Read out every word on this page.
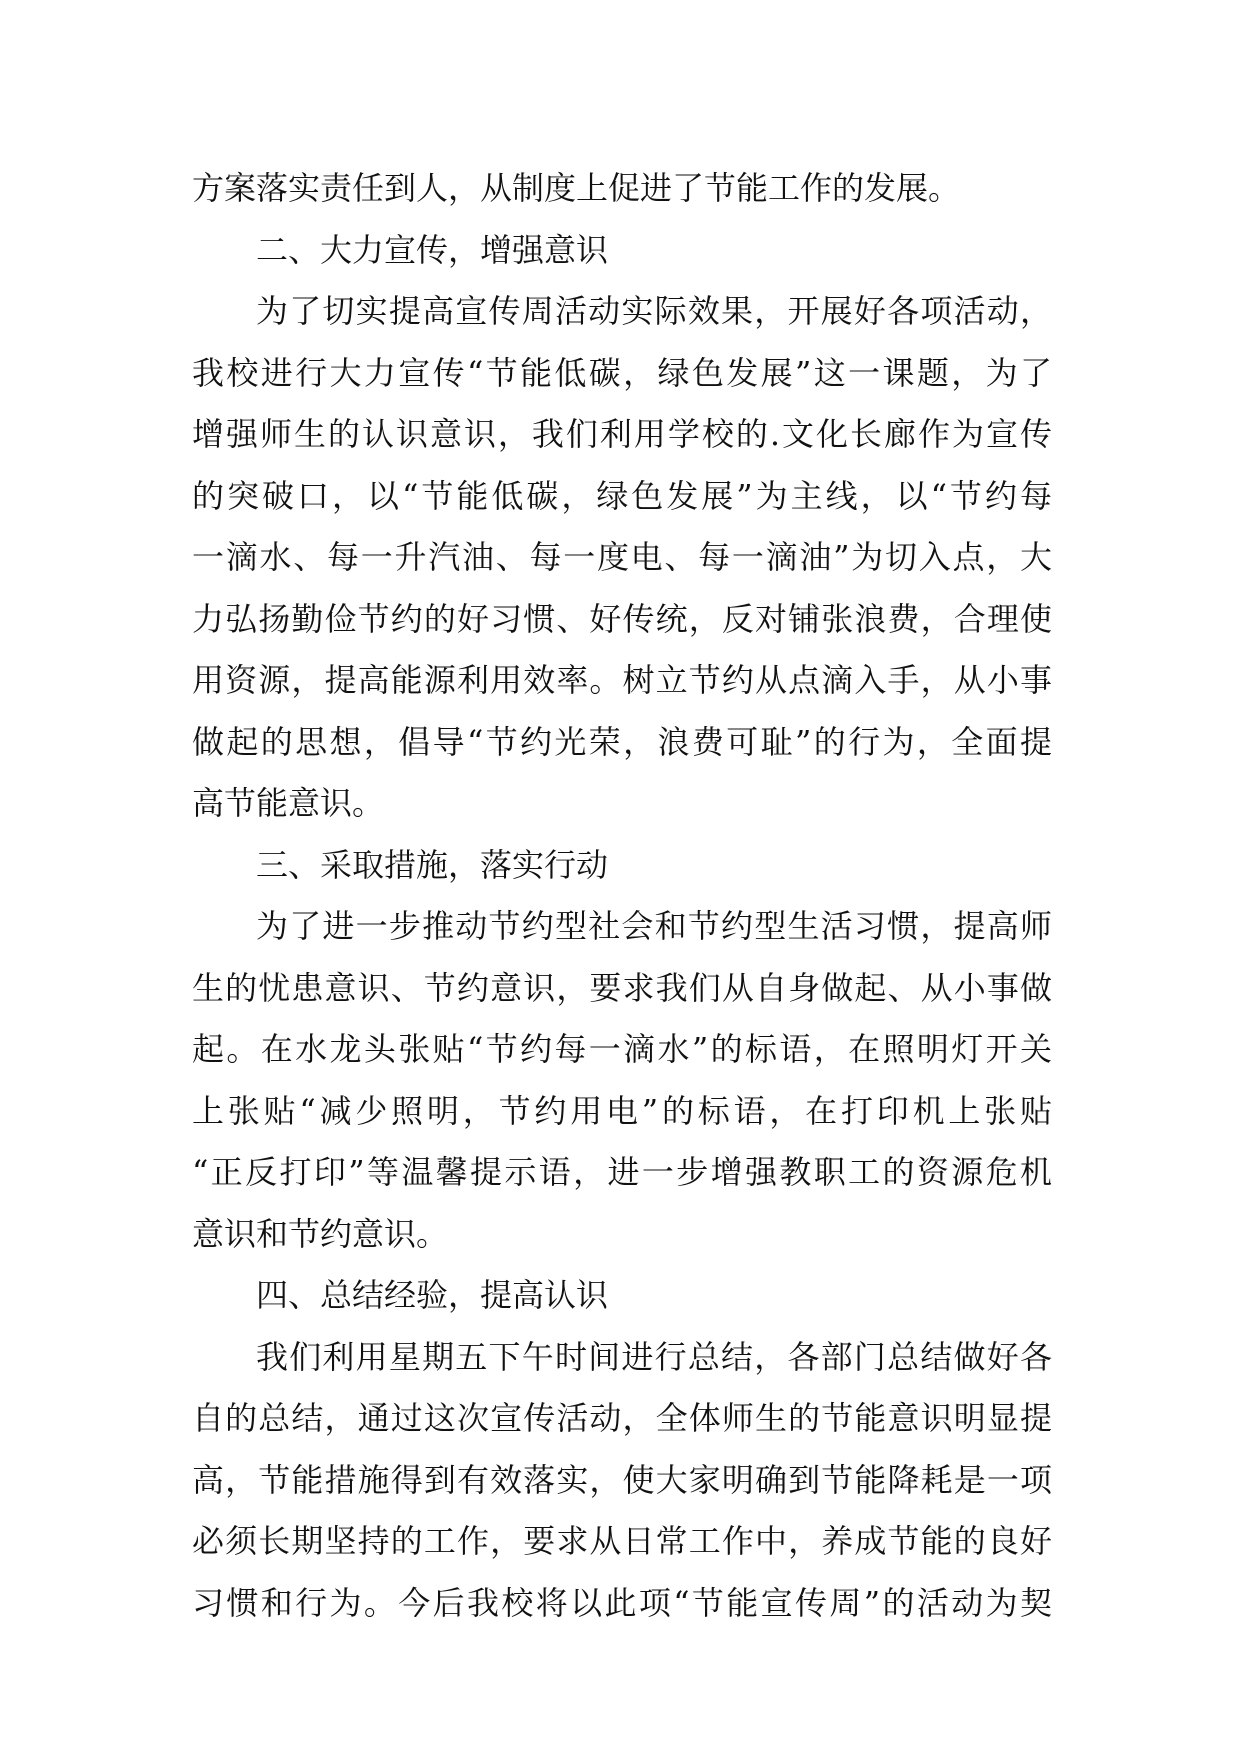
方案落实责任到人，从制度上促进了节能工作的发展。
二、大力宣传，增强意识
为了切实提高宣传周活动实际效果，开展好各项活动，
我校进行大力宣传“节能低碳，绿色发展”这一课题，为了
增强师生的认识意识，我们利用学校的.文化长廊作为宣传
的突破口，以“节能低碳，绿色发展”为主线，以“节约每
一滴水、每一升汽油、每一度电、每一滴油”为切入点，大
力弘扬勤俭节约的好习惯、好传统，反对铺张浪费，合理使
用资源，提高能源利用效率。树立节约从点滴入手，从小事
做起的思想，倡导“节约光荣，浪费可耻”的行为，全面提
高节能意识。
三、采取措施，落实行动
为了进一步推动节约型社会和节约型生活习惯，提高师
生的忧患意识、节约意识，要求我们从自身做起、从小事做
起。在水龙头张贴“节约每一滴水”的标语，在照明灯开关
上张贴“减少照明，节约用电”的标语，在打印机上张贴
“正反打印”等温馨提示语，进一步增强教职工的资源危机
意识和节约意识。
四、总结经验，提高认识
我们利用星期五下午时间进行总结，各部门总结做好各
自的总结，通过这次宣传活动，全体师生的节能意识明显提
高，节能措施得到有效落实，使大家明确到节能降耗是一项
必须长期坚持的工作，要求从日常工作中，养成节能的良好
习惯和行为。今后我校将以此项“节能宣传周”的活动为契
